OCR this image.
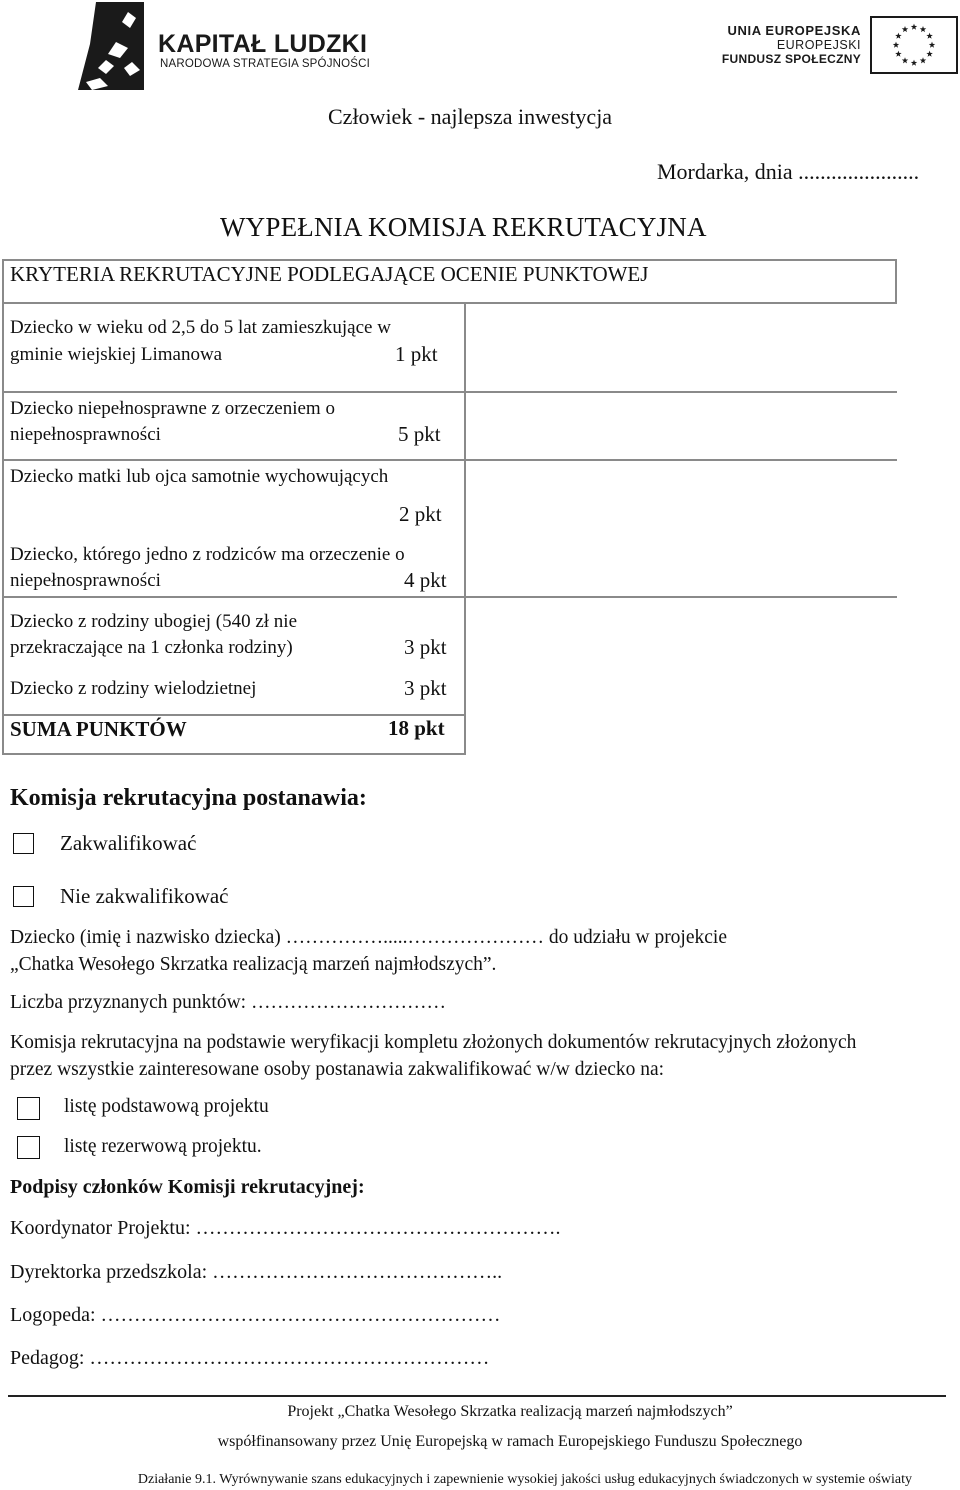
KAPITAŁ LUDZKI
NARODOWA STRATEGIA SPÓJNOŚCI
UNIA EUROPEJSKA
EUROPEJSKI
FUNDUSZ SPOŁECZNY
Człowiek - najlepsza inwestycja
Mordarka, dnia ......................
WYPEŁNIA KOMISJA REKRUTACYJNA
KRYTERIA REKRUTACYJNE PODLEGAJĄCE OCENIE PUNKTOWEJ
Dziecko w wieku od 2,5 do 5 lat zamieszkujące w
gminie wiejskiej Limanowa	1 pkt
Dziecko niepełnosprawne z orzeczeniem o
niepełnosprawności	5 pkt
Dziecko matki lub ojca samotnie wychowujących
2 pkt
Dziecko, którego jedno z rodziców ma orzeczenie o
niepełnosprawności	4 pkt
Dziecko z rodziny ubogiej (540 zł nie
przekraczające na 1 członka rodziny)	3 pkt
Dziecko z rodziny wielodzietnej	3 pkt
SUMA PUNKTÓW	18 pkt
Komisja rekrutacyjna postanawia:
Zakwalifikować
Nie zakwalifikować
Dziecko (imię i nazwisko dziecka) …………….....………………… do udziału w projekcie
„Chatka Wesołego Skrzatka realizacją marzeń najmłodszych”.
Liczba przyznanych punktów: …………………………
Komisja rekrutacyjna na podstawie weryfikacji kompletu złożonych dokumentów rekrutacyjnych złożonych
przez wszystkie zainteresowane osoby postanawia zakwalifikować w/w dziecko na:
listę podstawową projektu
listę rezerwową projektu.
Podpisy członków Komisji rekrutacyjnej:
Koordynator Projektu: ……………………………………………….
Dyrektorka przedszkola: ……………………………………..
Logopeda: ……………………………………………………
Pedagog: ……………………………………………………
Projekt „Chatka Wesołego Skrzatka realizacją marzeń najmłodszych”
współfinansowany przez Unię Europejską w ramach Europejskiego Funduszu Społecznego
Działanie 9.1. Wyrównywanie szans edukacyjnych i zapewnienie wysokiej jakości usług edukacyjnych świadczonych w systemie oświaty
